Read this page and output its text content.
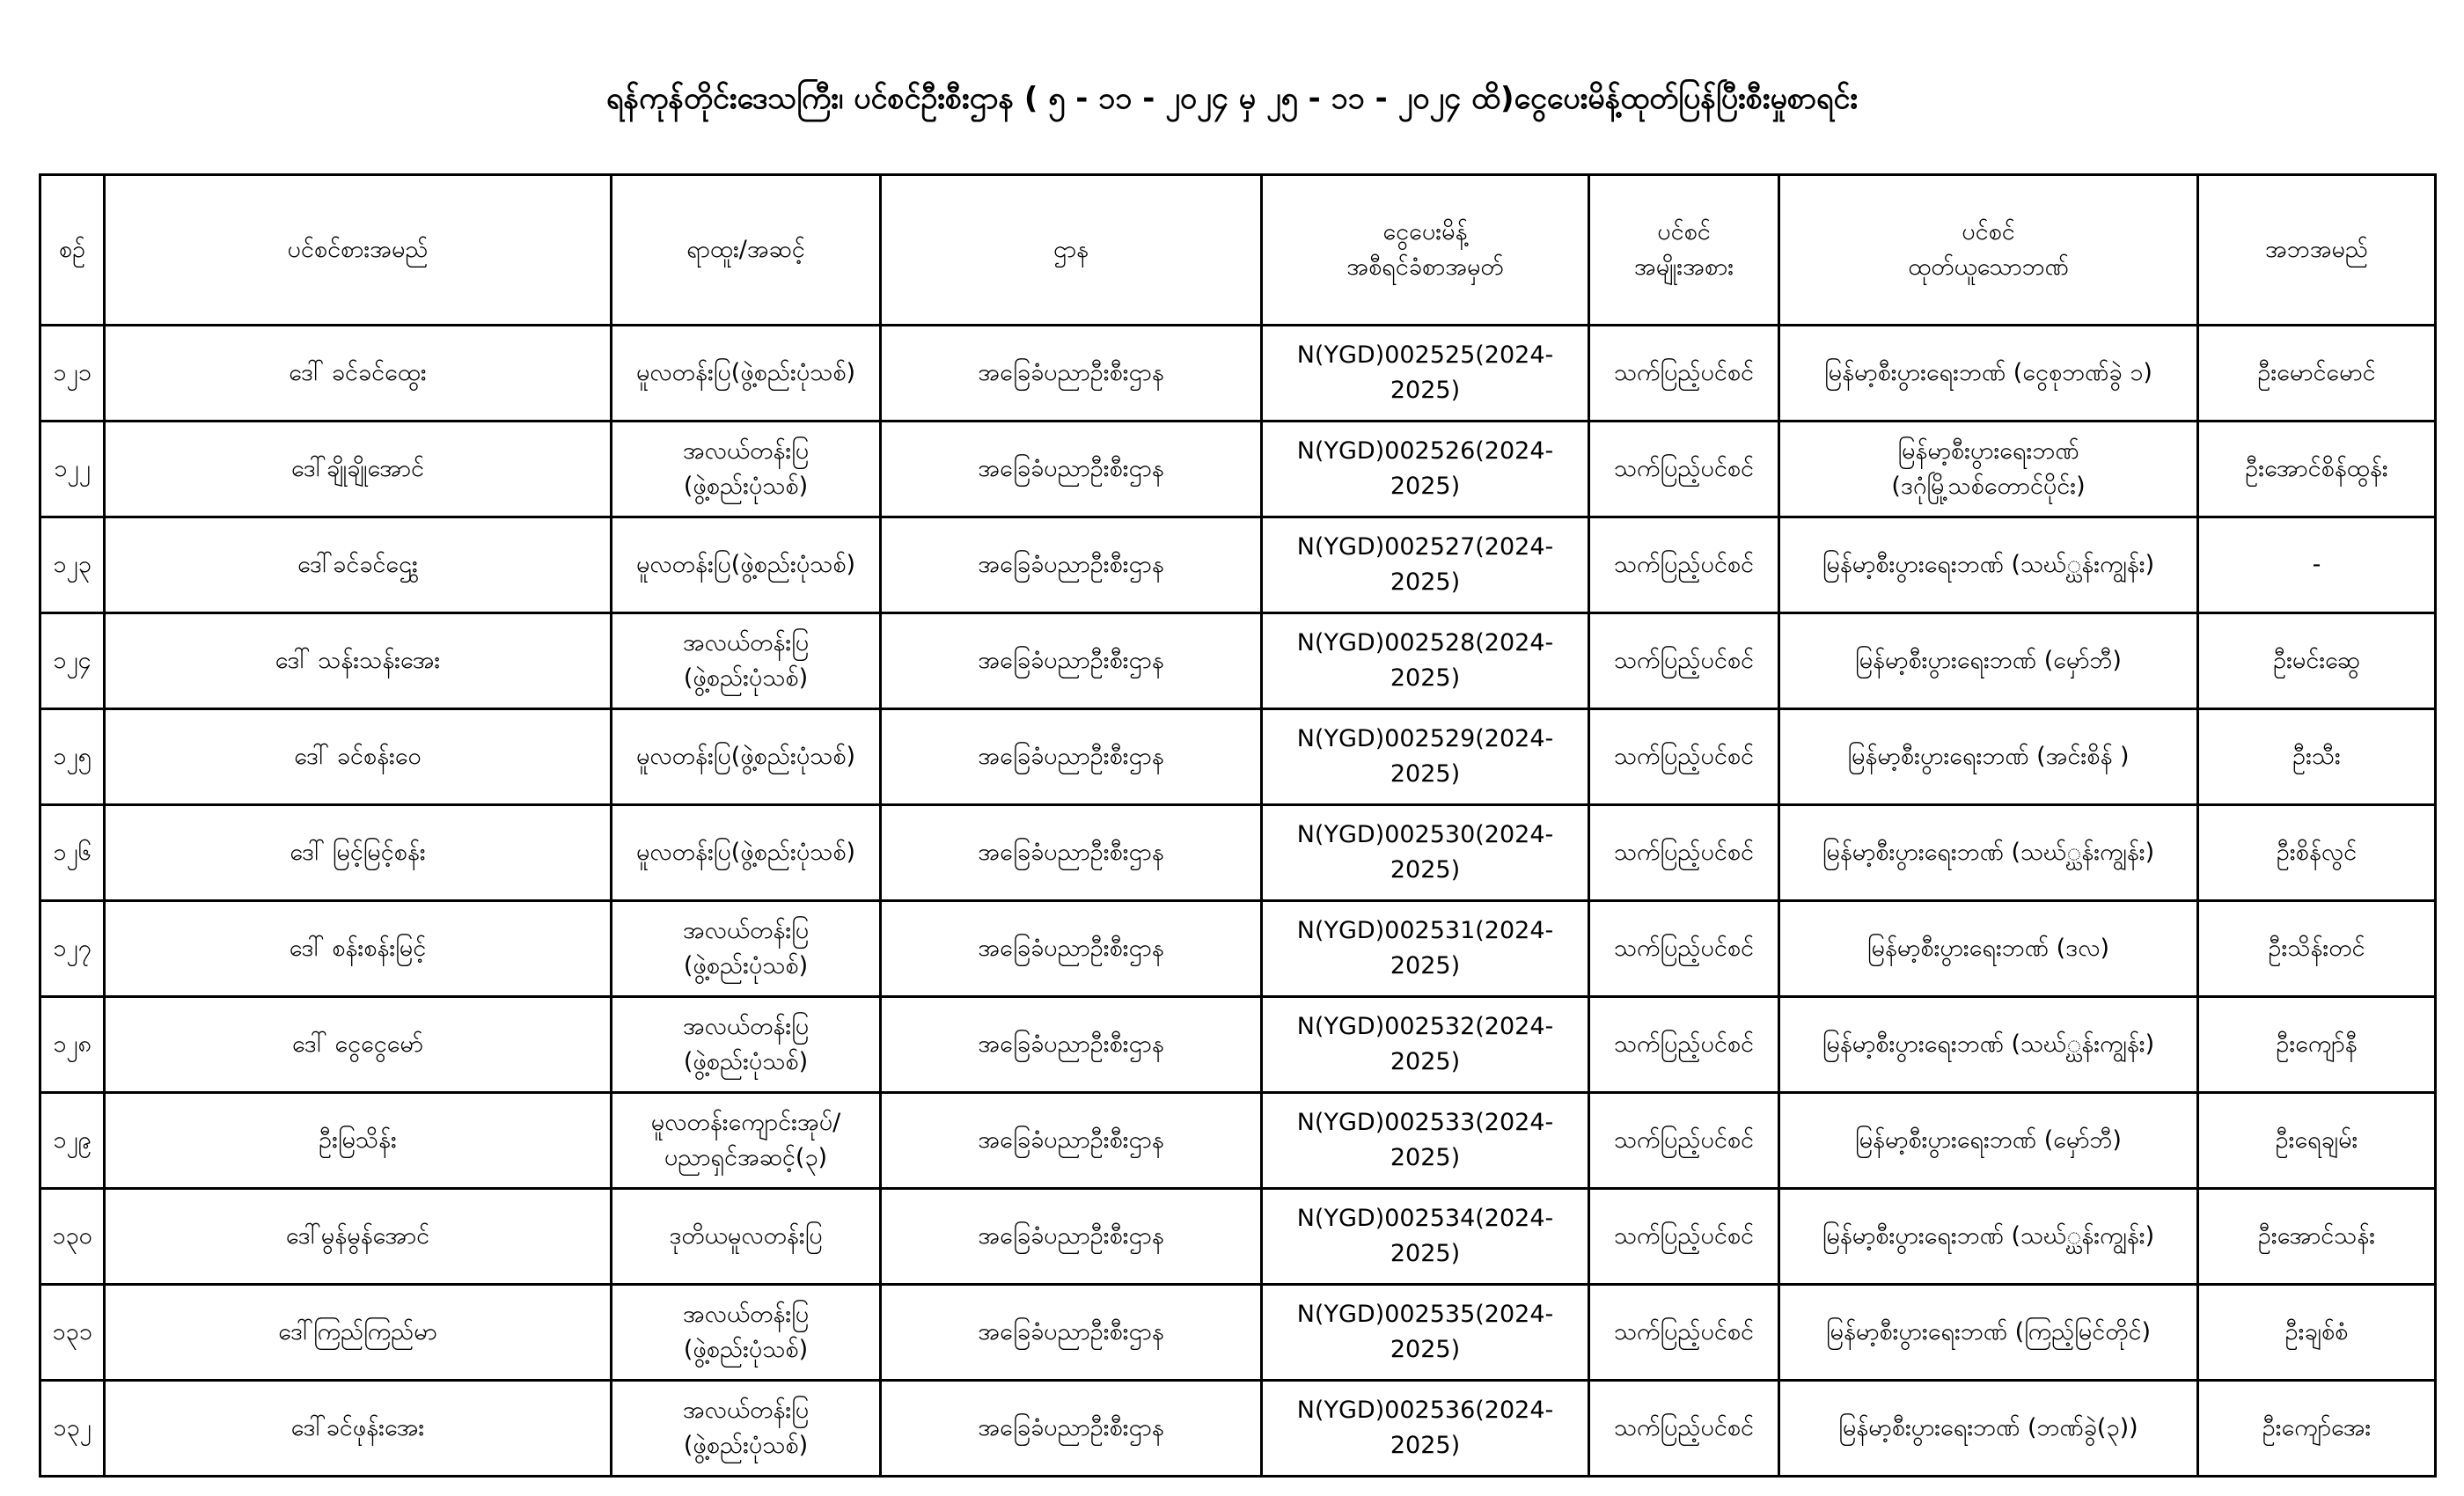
ရန်ကုန်တိုင်းဒေသကြီး၊ ပင်စင်ဦးစီးဌာန ( ၅ - ၁၁ - ၂၀၂၄ မှ ၂၅ - ၁၁ - ၂၀၂၄ ထိ)ငွေပေးမိန့်ထုတ်ပြန်ပြီးစီးမှုစာရင်း
စဉ်	ပင်စင်စားအမည်	ရာထူး/အဆင့်	ဌာန	ငွေပေးမိန့်
အစီရင်ခံစာအမှတ်	ပင်စင်
အမျိုးအစား	ပင်စင်
ထုတ်ယူသောဘဏ်	အဘအမည်
၁၂၁	ဒေါ် ခင်ခင်ထွေး	မူလတန်းပြ(ဖွဲ့စည်းပုံသစ်)	အခြေခံပညာဦးစီးဌာန	N(YGD)002525(2024-2025)	သက်ပြည့်ပင်စင်	မြန်မာ့စီးပွားရေးဘဏ် (ငွေစုဘဏ်ခွဲ ၁)	ဦးမောင်မောင်
၁၂၂	ဒေါ်ချိုချိုအောင်	အလယ်တန်းပြ
(ဖွဲ့စည်းပုံသစ်)	အခြေခံပညာဦးစီးဌာန	N(YGD)002526(2024-2025)	သက်ပြည့်ပင်စင်	မြန်မာ့စီးပွားရေးဘဏ်
(ဒဂုံမြို့သစ်တောင်ပိုင်း)	ဦးအောင်စိန်ထွန်း
၁၂၃	ဒေါ်ခင်ခင်ဌွေး	မူလတန်းပြ(ဖွဲ့စည်းပုံသစ်)	အခြေခံပညာဦးစီးဌာန	N(YGD)002527(2024-2025)	သက်ပြည့်ပင်စင်	မြန်မာ့စီးပွားရေးဘဏ် (သဃ်္ဃန်းကျွန်း)	-
၁၂၄	ဒေါ် သန်းသန်းအေး	အလယ်တန်းပြ
(ဖွဲ့စည်းပုံသစ်)	အခြေခံပညာဦးစီးဌာန	N(YGD)002528(2024-2025)	သက်ပြည့်ပင်စင်	မြန်မာ့စီးပွားရေးဘဏ် (မှော်ဘီ)	ဦးမင်းဆွေ
၁၂၅	ဒေါ် ခင်စန်းဝေ	မူလတန်းပြ(ဖွဲ့စည်းပုံသစ်)	အခြေခံပညာဦးစီးဌာန	N(YGD)002529(2024-2025)	သက်ပြည့်ပင်စင်	မြန်မာ့စီးပွားရေးဘဏ် (အင်းစိန် )	ဦးသီး
၁၂၆	ဒေါ် မြင့်မြင့်စန်း	မူလတန်းပြ(ဖွဲ့စည်းပုံသစ်)	အခြေခံပညာဦးစီးဌာန	N(YGD)002530(2024-2025)	သက်ပြည့်ပင်စင်	မြန်မာ့စီးပွားရေးဘဏ် (သဃ်္ဃန်းကျွန်း)	ဦးစိန်လွင်
၁၂၇	ဒေါ် စန်းစန်းမြင့်	အလယ်တန်းပြ
(ဖွဲ့စည်းပုံသစ်)	အခြေခံပညာဦးစီးဌာန	N(YGD)002531(2024-2025)	သက်ပြည့်ပင်စင်	မြန်မာ့စီးပွားရေးဘဏ် (ဒလ)	ဦးသိန်းတင်
၁၂၈	ဒေါ် ငွေငွေမော်	အလယ်တန်းပြ
(ဖွဲ့စည်းပုံသစ်)	အခြေခံပညာဦးစီးဌာန	N(YGD)002532(2024-2025)	သက်ပြည့်ပင်စင်	မြန်မာ့စီးပွားရေးဘဏ် (သဃ်္ဃန်းကျွန်း)	ဦးကျော်နီ
၁၂၉	ဦးမြသိန်း	မူလတန်းကျောင်းအုပ်/
ပညာရှင်အဆင့်(၃)	အခြေခံပညာဦးစီးဌာန	N(YGD)002533(2024-2025)	သက်ပြည့်ပင်စင်	မြန်မာ့စီးပွားရေးဘဏ် (မှော်ဘီ)	ဦးရေချမ်း
၁၃၀	ဒေါ်မွန်မွန်အောင်	ဒုတိယမူလတန်းပြ	အခြေခံပညာဦးစီးဌာန	N(YGD)002534(2024-2025)	သက်ပြည့်ပင်စင်	မြန်မာ့စီးပွားရေးဘဏ် (သဃ်္ဃန်းကျွန်း)	ဦးအောင်သန်း
၁၃၁	ဒေါ်ကြည်ကြည်မာ	အလယ်တန်းပြ
(ဖွဲ့စည်းပုံသစ်)	အခြေခံပညာဦးစီးဌာန	N(YGD)002535(2024-2025)	သက်ပြည့်ပင်စင်	မြန်မာ့စီးပွားရေးဘဏ် (ကြည့်မြင်တိုင်)	ဦးချစ်စံ
၁၃၂	ဒေါ်ခင်ဖုန်းအေး	အလယ်တန်းပြ
(ဖွဲ့စည်းပုံသစ်)	အခြေခံပညာဦးစီးဌာန	N(YGD)002536(2024-2025)	သက်ပြည့်ပင်စင်	မြန်မာ့စီးပွားရေးဘဏ် (ဘဏ်ခွဲ(၃))	ဦးကျော်အေး
